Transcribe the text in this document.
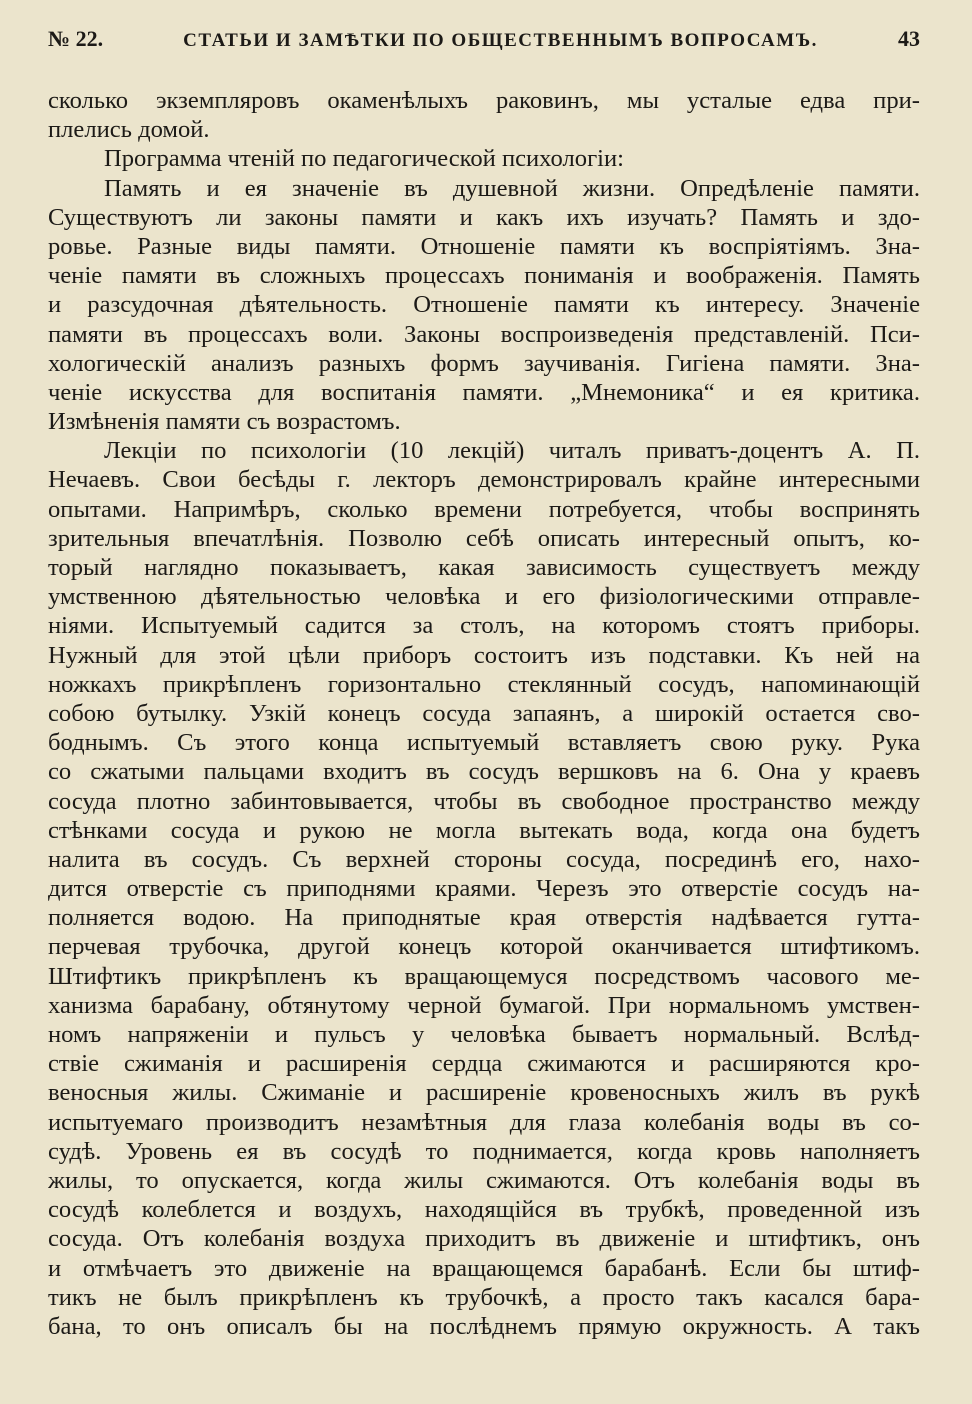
№ 22.	СТАТЬИ И ЗАМѢТКИ ПО ОБЩЕСТВЕННЫМЪ ВОПРОСАМЪ.	43
сколько экземпляровъ окаменѣлыхъ раковинъ, мы усталые едва при-
плелись домой.
Программа чтеній по педагогической психологіи:
Память и ея значеніе въ душевной жизни. Опредѣленіе памяти.
Существуютъ ли законы памяти и какъ ихъ изучать? Память и здо-
ровье. Разные виды памяти. Отношеніе памяти къ воспріятіямъ. Зна-
ченіе памяти въ сложныхъ процессахъ пониманія и воображенія. Память
и разсудочная дѣятельность. Отношеніе памяти къ интересу. Значеніе
памяти въ процессахъ воли. Законы воспроизведенія представленій. Пси-
хологическій анализъ разныхъ формъ заучиванія. Гигіена памяти. Зна-
ченіе искусства для воспитанія памяти. „Мнемоника“ и ея критика.
Измѣненія памяти съ возрастомъ.
Лекціи по психологіи (10 лекцій) читалъ приватъ-доцентъ А. П.
Нечаевъ. Свои бесѣды г. лекторъ демонстрировалъ крайне интересными
опытами. Напримѣръ, сколько времени потребуется, чтобы воспринять
зрительныя впечатлѣнія. Позволю себѣ описать интересный опытъ, ко-
торый наглядно показываетъ, какая зависимость существуетъ между
умственною дѣятельностью человѣка и его физіологическими отправле-
ніями. Испытуемый садится за столъ, на которомъ стоятъ приборы.
Нужный для этой цѣли приборъ состоитъ изъ подставки. Къ ней на
ножкахъ прикрѣпленъ горизонтально стеклянный сосудъ, напоминающій
собою бутылку. Узкій конецъ сосуда запаянъ, а широкій остается сво-
боднымъ. Съ этого конца испытуемый вставляетъ свою руку. Рука
со сжатыми пальцами входитъ въ сосудъ вершковъ на 6. Она у краевъ
сосуда плотно забинтовывается, чтобы въ свободное пространство между
стѣнками сосуда и рукою не могла вытекать вода, когда она будетъ
налита въ сосудъ. Съ верхней стороны сосуда, посрединѣ его, нахо-
дится отверстіе съ приподнями краями. Черезъ это отверстіе сосудъ на-
полняется водою. На приподнятые края отверстія надѣвается гутта-
перчевая трубочка, другой конецъ которой оканчивается штифтикомъ.
Штифтикъ прикрѣпленъ къ вращающемуся посредствомъ часового ме-
ханизма барабану, обтянутому черной бумагой. При нормальномъ умствен-
номъ напряженіи и пульсъ у человѣка бываетъ нормальный. Вслѣд-
ствіе сжиманія и расширенія сердца сжимаются и расширяются кро-
веносныя жилы. Сжиманіе и расширеніе кровеносныхъ жилъ въ рукѣ
испытуемаго производитъ незамѣтныя для глаза колебанія воды въ со-
судѣ. Уровень ея въ сосудѣ то поднимается, когда кровь наполняетъ
жилы, то опускается, когда жилы сжимаются. Отъ колебанія воды въ
сосудѣ колеблется и воздухъ, находящійся въ трубкѣ, проведенной изъ
сосуда. Отъ колебанія воздуха приходитъ въ движеніе и штифтикъ, онъ
и отмѣчаетъ это движеніе на вращающемся барабанѣ. Если бы штиф-
тикъ не былъ прикрѣпленъ къ трубочкѣ, а просто такъ касался бара-
бана, то онъ описалъ бы на послѣднемъ прямую окружность. А такъ
